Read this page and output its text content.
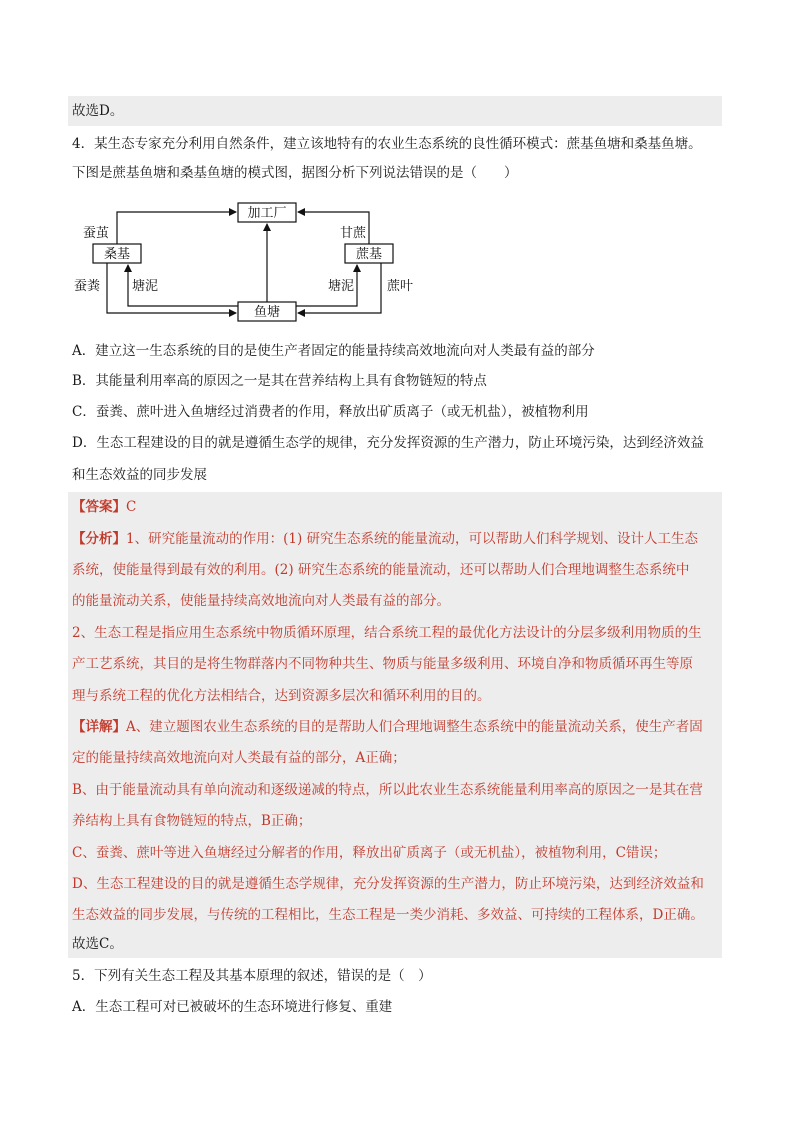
故选D。
4．某生态专家充分利用自然条件，建立该地特有的农业生态系统的良性循环模式：蔗基鱼塘和桑基鱼塘。
下图是蔗基鱼塘和桑基鱼塘的模式图，据图分析下列说法错误的是（　　）
加工厂
桑基	蔗基
鱼塘
蚕茧	甘蔗
蚕粪 塘泥	塘泥	蔗叶
A．建立这一生态系统的目的是使生产者固定的能量持续高效地流向对人类最有益的部分
B．其能量利用率高的原因之一是其在营养结构上具有食物链短的特点
C．蚕粪、蔗叶进入鱼塘经过消费者的作用，释放出矿质离子（或无机盐），被植物利用
D．生态工程建设的目的就是遵循生态学的规律，充分发挥资源的生产潜力，防止环境污染，达到经济效益
和生态效益的同步发展
【答案】C
【分析】1、研究能量流动的作用：(1) 研究生态系统的能量流动，可以帮助人们科学规划、设计人工生态
系统，使能量得到最有效的利用。(2) 研究生态系统的能量流动，还可以帮助人们合理地调整生态系统中
的能量流动关系，使能量持续高效地流向对人类最有益的部分。
2、生态工程是指应用生态系统中物质循环原理，结合系统工程的最优化方法设计的分层多级利用物质的生
产工艺系统，其目的是将生物群落内不同物种共生、物质与能量多级利用、环境自净和物质循环再生等原
理与系统工程的优化方法相结合，达到资源多层次和循环利用的目的。
【详解】A、建立题图农业生态系统的目的是帮助人们合理地调整生态系统中的能量流动关系，使生产者固
定的能量持续高效地流向对人类最有益的部分，A正确；
B、由于能量流动具有单向流动和逐级递减的特点，所以此农业生态系统能量利用率高的原因之一是其在营
养结构上具有食物链短的特点，B正确；
C、蚕粪、蔗叶等进入鱼塘经过分解者的作用，释放出矿质离子（或无机盐），被植物利用，C错误；
D、生态工程建设的目的就是遵循生态学规律，充分发挥资源的生产潜力，防止环境污染，达到经济效益和
生态效益的同步发展，与传统的工程相比，生态工程是一类少消耗、多效益、可持续的工程体系，D正确。
故选C。
5．下列有关生态工程及其基本原理的叙述，错误的是（　）
A．生态工程可对已被破坏的生态环境进行修复、重建
